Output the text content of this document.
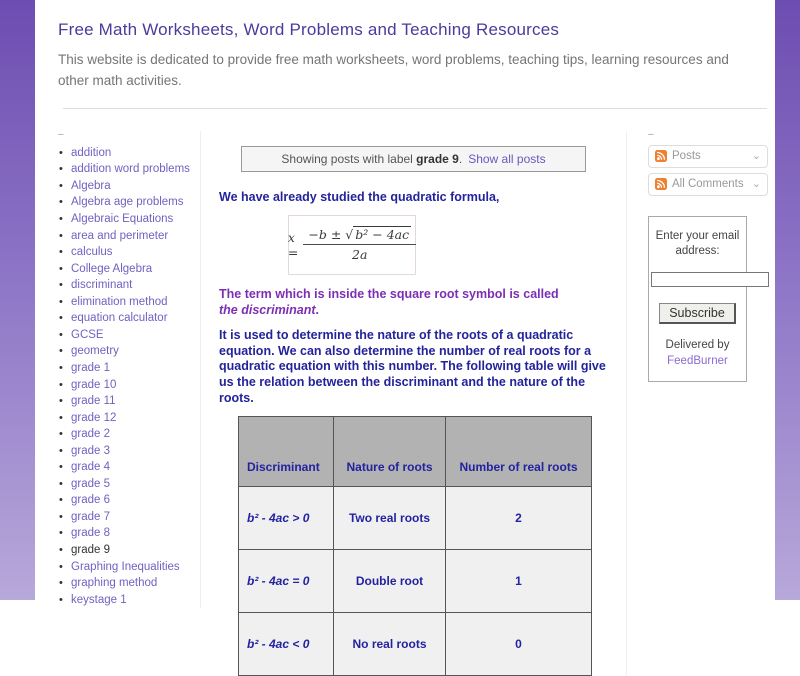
Free Math Worksheets, Word Problems and Teaching Resources

This website is dedicated to provide free math worksheets, word problems, teaching tips, learning resources and other math activities.

–
• addition
• addition word problems
• Algebra
• Algebra age problems
• Algebraic Equations
• area and perimeter
• calculus
• College Algebra
• discriminant
• elimination method
• equation calculator
• GCSE
• geometry
• grade 1
• grade 10
• grade 11
• grade 12
• grade 2
• grade 3
• grade 4
• grade 5
• grade 6
• grade 7
• grade 8
• grade 9
• Graphing Inequalities
• graphing method
• keystage 1
Showing posts with label grade 9. Show all posts

We have already studied the quadratic formula,

$x = \frac{\text{−b ± √ b² − 4ac}}{2a}$

The term which is inside the square root symbol is called the discriminant.

It is used to determine the nature of the roots of a quadratic equation. We can also determine the number of real roots for a quadratic equation with this number. The following table will give us the relation between the discriminant and the nature of the roots.

Discriminant	Nature of roots	Number of real roots
b² - 4ac > 0	Two real roots	2
b² - 4ac = 0	Double root	1
b² - 4ac < 0	No real roots	0
–
Posts	⌄
All Comments ⌄
Enter your email address:
Subscribe
Delivered by
FeedBurner
